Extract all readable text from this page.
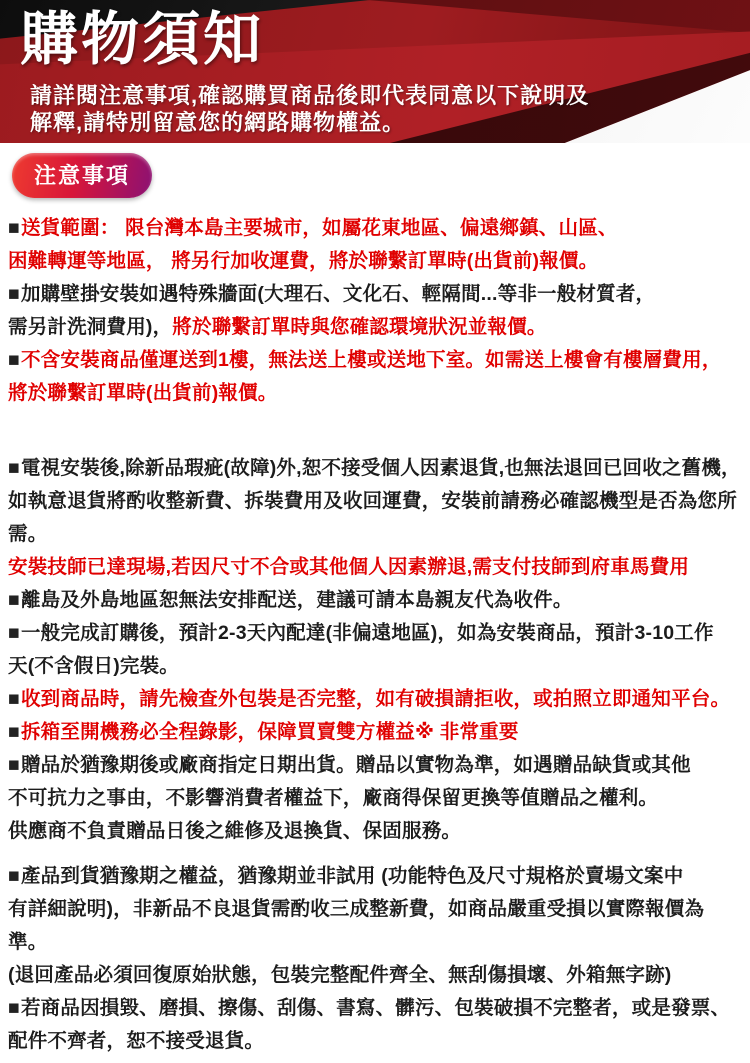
購物須知
請詳閱注意事項,確認購買商品後即代表同意以下說明及
解釋,請特別留意您的網路購物權益。
注意事項

■送貨範圍： 限台灣本島主要城市，如屬花東地區、偏遠鄉鎮、山區、
困難轉運等地區， 將另行加收運費，將於聯繫訂單時(出貨前)報價。

■加購壁掛安裝如遇特殊牆面(大理石、文化石、輕隔間...等非一般材質者，
需另計洗洞費用)，將於聯繫訂單時與您確認環境狀況並報價。

■不含安裝商品僅運送到1樓，無法送上樓或送地下室。如需送上樓會有樓層費用，
將於聯繫訂單時(出貨前)報價。

■電視安裝後,除新品瑕疵(故障)外,恕不接受個人因素退貨,也無法退回已回收之舊機，
如執意退貨將酌收整新費、拆裝費用及收回運費，安裝前請務必確認機型是否為您所需。

安裝技師已達現場,若因尺寸不合或其他個人因素辦退,需支付技師到府車馬費用

■離島及外島地區恕無法安排配送，建議可請本島親友代為收件。

■一般完成訂購後，預計2-3天內配達(非偏遠地區)，如為安裝商品，預計3-10工作
天(不含假日)完裝。

■收到商品時，請先檢查外包裝是否完整，如有破損請拒收，或拍照立即通知平台。

■拆箱至開機務必全程錄影，保障買賣雙方權益※ 非常重要

■贈品於猶豫期後或廠商指定日期出貨。贈品以實物為準，如遇贈品缺貨或其他
不可抗力之事由，不影響消費者權益下，廠商得保留更換等值贈品之權利。
供應商不負責贈品日後之維修及退換貨、保固服務。

■產品到貨猶豫期之權益，猶豫期並非試用 (功能特色及尺寸規格於賣場文案中
有詳細說明)，非新品不良退貨需酌收三成整新費，如商品嚴重受損以實際報價為準。
(退回產品必須回復原始狀態，包裝完整配件齊全、無刮傷損壞、外箱無字跡)

■若商品因損毀、磨損、擦傷、刮傷、書寫、髒污、包裝破損不完整者，或是發票、
配件不齊者，恕不接受退貨。
